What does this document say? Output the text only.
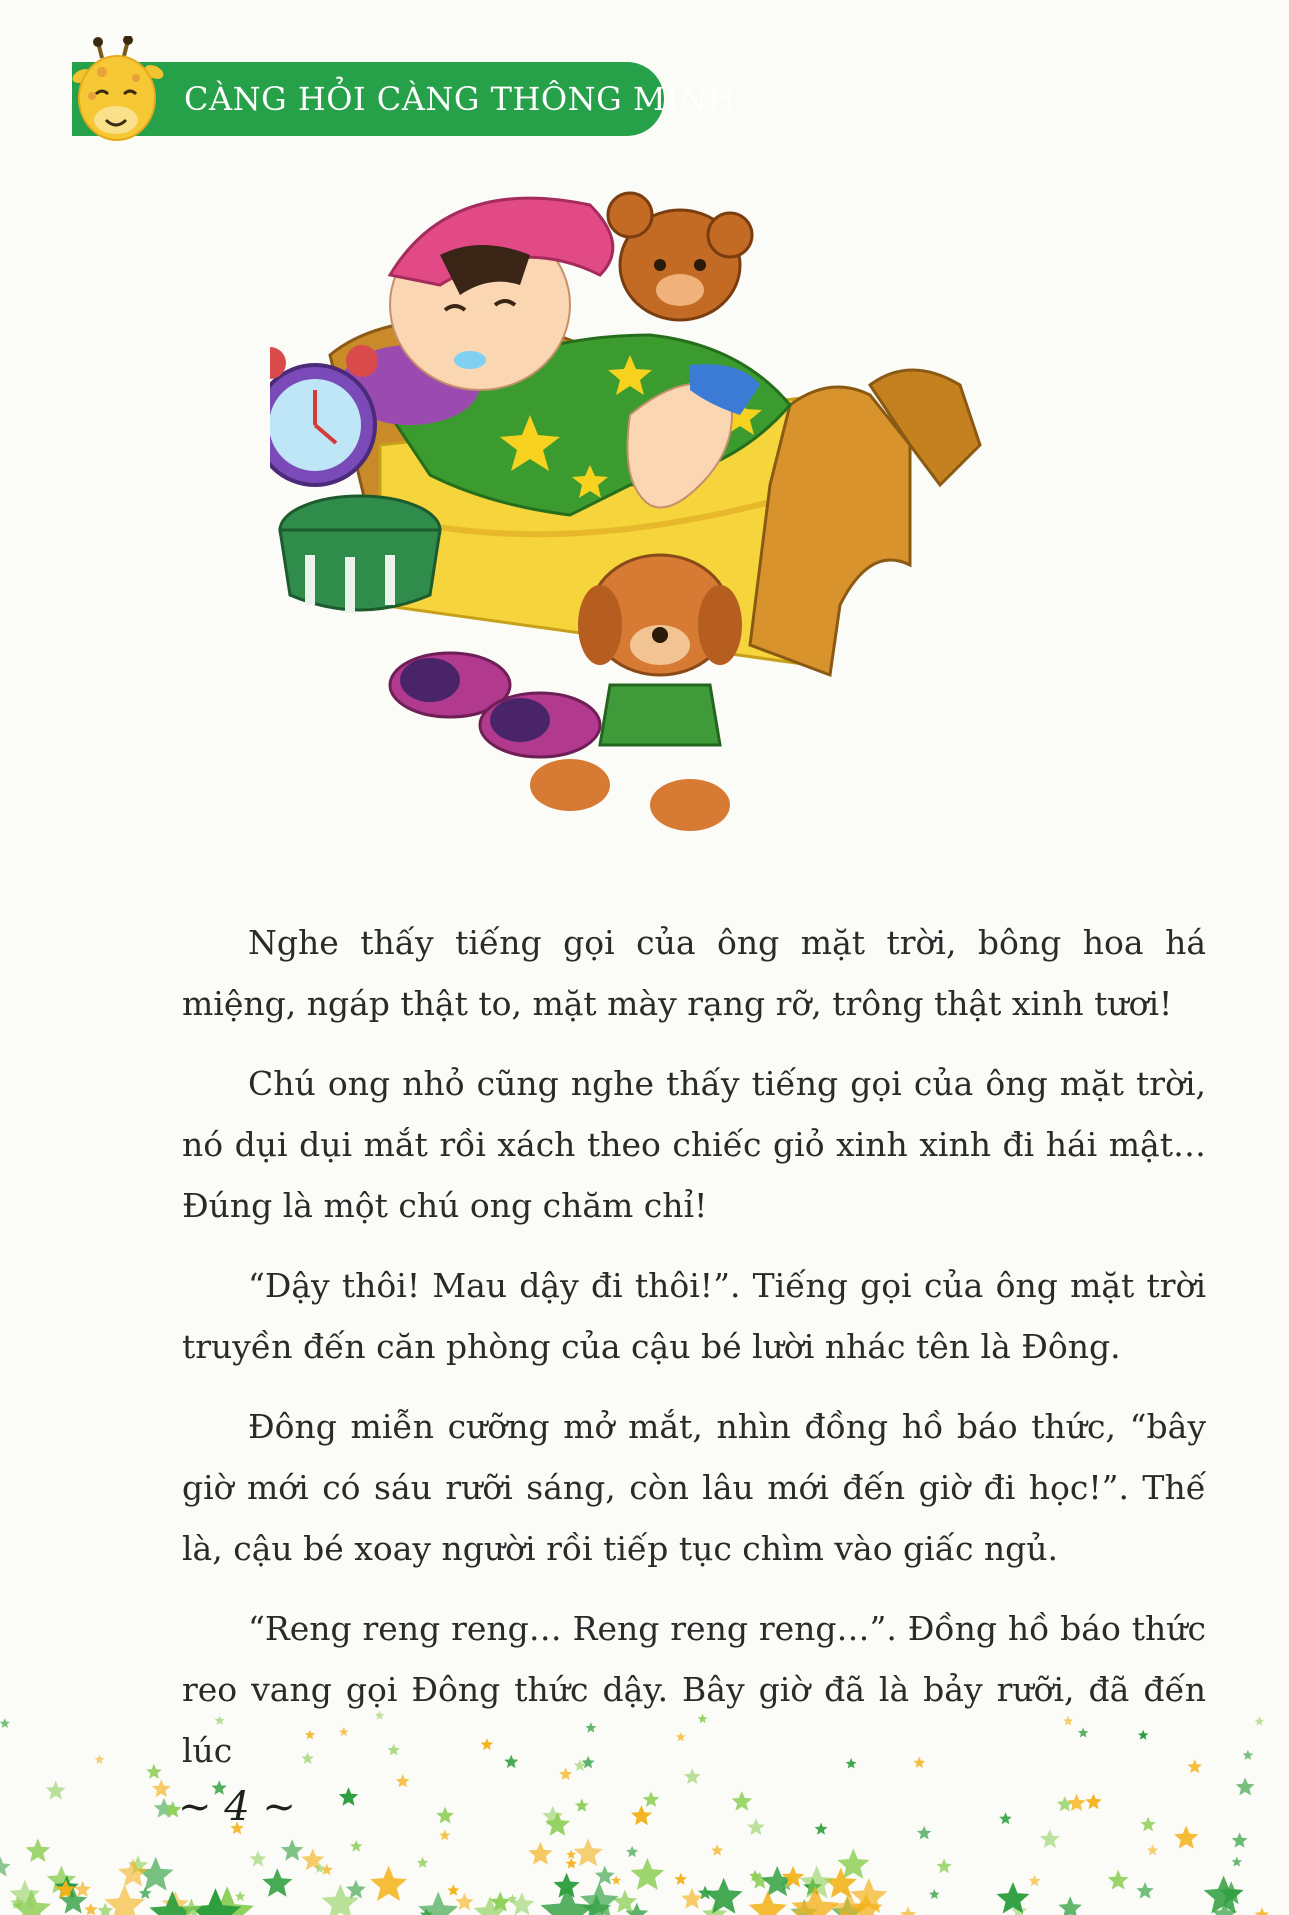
CÀNG HỎI CÀNG THÔNG MINH

Nghe thấy tiếng gọi của ông mặt trời, bông hoa há miệng, ngáp thật to, mặt mày rạng rỡ, trông thật xinh tươi!

Chú ong nhỏ cũng nghe thấy tiếng gọi của ông mặt trời, nó dụi dụi mắt rồi xách theo chiếc giỏ xinh xinh đi hái mật… Đúng là một chú ong chăm chỉ!

“Dậy thôi! Mau dậy đi thôi!”. Tiếng gọi của ông mặt trời truyền đến căn phòng của cậu bé lười nhác tên là Đông.

Đông miễn cưỡng mở mắt, nhìn đồng hồ báo thức, “bây giờ mới có sáu rưỡi sáng, còn lâu mới đến giờ đi học!”. Thế là, cậu bé xoay người rồi tiếp tục chìm vào giấc ngủ.

“Reng reng reng… Reng reng reng…”. Đồng hồ báo thức reo vang gọi Đông thức dậy. Bây giờ đã là bảy rưỡi, đã đến lúc

~ 4 ~
